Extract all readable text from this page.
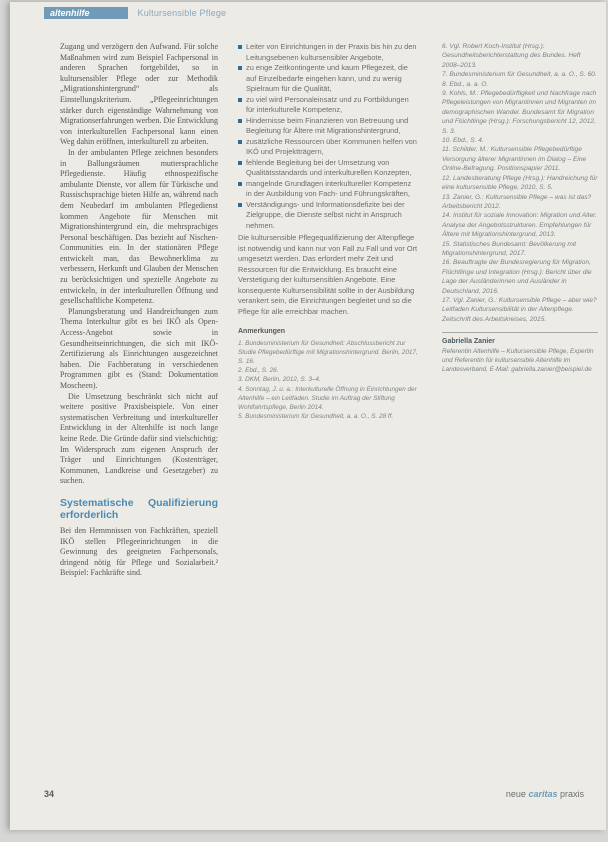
altenhilfe	Kultursensible Pflege

Zugang und verzögern den Aufwand. Für solche Maßnahmen wird zum Beispiel Fachpersonal in anderen Sprachen fortgebildet, so in kultursensibler Pflege oder zur Methodik „Migrationshintergrund“ als Einstellungskriterium. „Pflegeeinrichtungen stärker durch eigenständige Wahrnehmung von Migrationserfahrungen werben. Die Entwicklung von interkulturellen Fachpersonal kann einen Weg dahin eröffnen, interkulturell zu arbeiten.

In der ambulanten Pflege zeichnen besonders in Ballungsräumen muttersprachliche Pflegedienste. Häufig ethnospezifische ambulante Dienste, vor allem für Türkische und Russischsprachige bieten Hilfe an, während nach dem Neubedarf im ambulanten Pflegedienst kommen Angebote für Menschen mit Migrationshintergrund ein, die mehrsprachiges Personal beschäftigen. Das bezieht auf Nischen-Communities ein. In der stationären Pflege entwickelt man, das Bewohnerklima zu verbessern, Herkunft und Glauben der Menschen zu berücksichtigen und spezielle Angebote zu entwickeln, in der interkulturellen Öffnung und gesellschaftliche Kompetenz.

Planungsberatung und Handreichungen zum Thema Interkultur gibt es bei IKÖ als Open-Access-Angebot sowie in Gesundheitseinrichtungen, die sich mit IKÖ-Zertifizierung als Einrichtungen ausgezeichnet haben. Die Fachberatung in verschiedenen Programmen gibt es (Stand: Dokumentation Moscheen).

Die Umsetzung beschränkt sich nicht auf weitere positive Praxisbeispiele. Von einer systematischen Verbreitung und interkultureller Entwicklung in der Altenhilfe ist noch lange keine Rede. Die Gründe dafür sind vielschichtig: Im Widerspruch zum eigenen Anspruch der Träger und Einrichtungen (Kostenträger, Kommunen, Landkreise und Gesetzgeber) zu suchen.

Systematische Qualifizierung erforderlich

Bei den Hemmnissen von Fachkräften, speziell IKÖ stellen Pflegeeinrichtungen in die Gewinnung des geeigneten Fachpersonals, dringend nötig für Pflege und Sozialarbeit.² Beispiel: Fachkräfte sind.

Leiter von Einrichtungen in der Praxis bis hin zu den Leitungsebenen kultursensibler Angebote,
zu enge Zeitkontingente und kaum Pflegezeit, die auf Einzelbedarfe eingehen kann, und zu wenig Spielraum für die Qualität,
zu viel wird Personaleinsatz und zu Fortbildungen für interkulturelle Kompetenz,
Hindernisse beim Finanzieren von Betreuung und Begleitung für Ältere mit Migrationshintergrund,
zusätzliche Ressourcen über Kommunen helfen von IKÖ und Projektträgern,
fehlende Begleitung bei der Umsetzung von Qualitätsstandards und interkulturellen Konzepten,
mangelnde Grundlagen interkultureller Kompetenz in der Ausbildung von Fach- und Führungskräften,
Verständigungs- und Informationsdefizite bei der Zielgruppe, die Dienste selbst nicht in Anspruch nehmen.

Die kultursensible Pflegequalifizierung der Altenpflege ist notwendig und kann nur von Fall zu Fall und vor Ort umgesetzt werden. Das erfordert mehr Zeit und Ressourcen für die Entwicklung. Es braucht eine Verstetigung der kultursensiblen Angebote. Eine konsequente Kultursensibilität sollte in der Ausbildung verankert sein, die Einrichtungen begleitet und so die Pflege für alle erreichbar machen.

Anmerkungen
1. Bundesministerium für Gesundheit: Abschlussbericht zur Studie Pflegebedürftige mit Migrationshintergrund. Berlin, 2017, S. 16.
2. Ebd., S. 26.
3. DKM, Berlin, 2012, S. 3–4.
4. Sonntag, J. u. a.: Interkulturelle Öffnung in Einrichtungen der Altenhilfe – ein Leitfaden. Studie im Auftrag der Stiftung Wohlfahrtspflege, Berlin 2014.
5. Bundesministerium für Gesundheit, a. a. O., S. 28 ff.

6. Vgl. Robert Koch-Institut (Hrsg.): Gesundheitsberichterstattung des Bundes. Heft 2008–2013.

7. Bundesministerium für Gesundheit, a. a. O., S. 60.

8. Ebd., a. a. O.

9. Kohls, M.: Pflegebedürftigkeit und Nachfrage nach Pflegeleistungen von Migrantinnen und Migranten im demographischen Wandel. Bundesamt für Migration und Flüchtlinge (Hrsg.): Forschungsbericht 12, 2012, S. 3.

10. Ebd., S. 4.

11. Schilder, M.: Kultursensible Pflegebedürftige Versorgung älterer Migrantinnen im Dialog – Eine Online-Befragung. Positionspapier 2011.

12. Landesberatung Pflege (Hrsg.): Handreichung für eine kultursensible Pflege, 2010, S. 5.

13. Zanier, G.: Kultursensible Pflege – was ist das? Arbeitsbericht 2012.

14. Institut für soziale Innovation: Migration und Alter. Analyse der Angebotsstrukturen. Empfehlungen für Ältere mit Migrationshintergrund, 2013.

15. Statistisches Bundesamt: Bevölkerung mit Migrationshintergrund, 2017.

16. Beauftragte der Bundesregierung für Migration, Flüchtlinge und Integration (Hrsg.): Bericht über die Lage der Ausländerinnen und Ausländer in Deutschland, 2016.

17. Vgl. Zanier, G.: Kultursensible Pflege – aber wie? Leitfaden Kultursensibilität in der Altenpflege. Zeitschrift des Arbeitskreises, 2015.

Gabriella Zanier
Referentin Altenhilfe – Kultursensible Pflege, Expertin und Referentin für kultursensible Altenhilfe im Landesverband, E-Mail: gabriella.zanier@beispiel.de
34	neue caritas praxis
